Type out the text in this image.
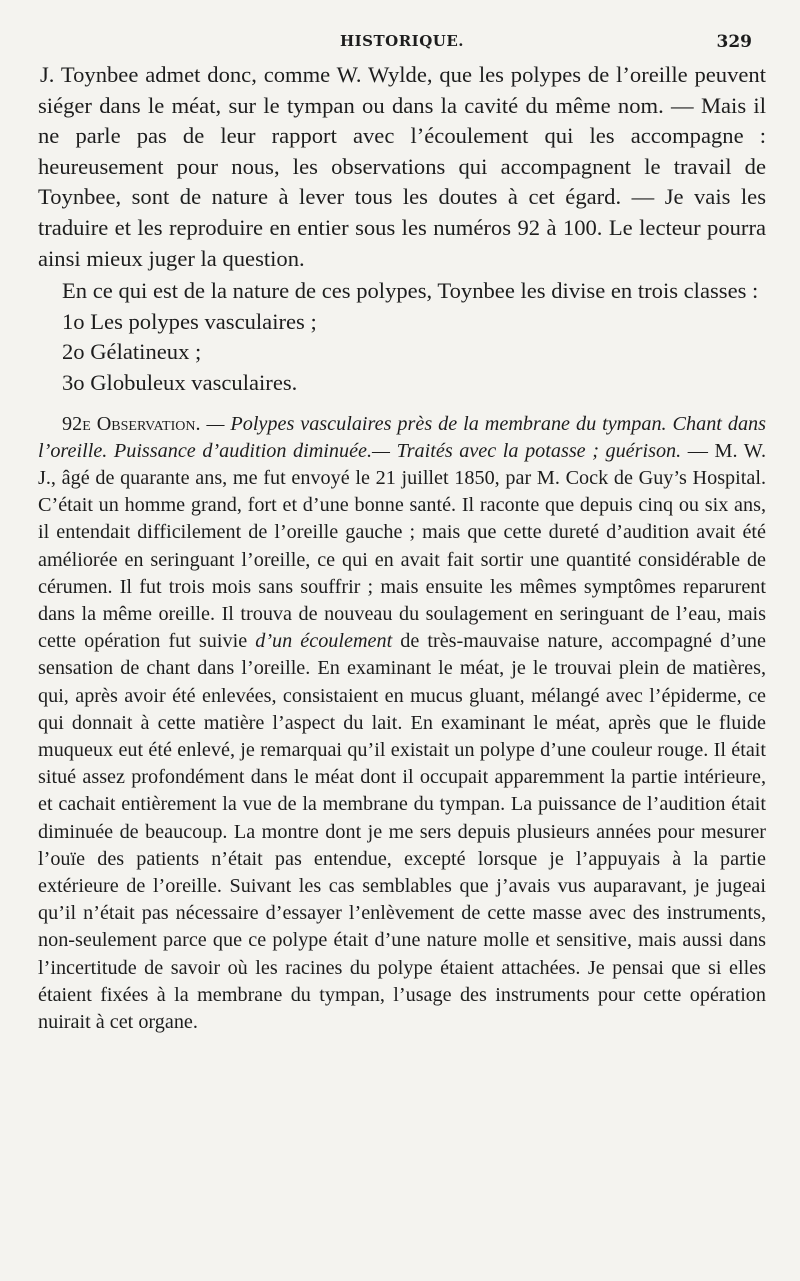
HISTORIQUE.	329

J. Toynbee admet donc, comme W. Wylde, que les polypes de l’oreille peuvent siéger dans le méat, sur le tympan ou dans la cavité du même nom. — Mais il ne parle pas de leur rapport avec l’écoulement qui les accompagne : heureusement pour nous, les observations qui accompagnent le travail de Toynbee, sont de nature à lever tous les doutes à cet égard. — Je vais les traduire et les reproduire en entier sous les numéros 92 à 100. Le lecteur pourra ainsi mieux juger la question.

En ce qui est de la nature de ces polypes, Toynbee les divise en trois classes :

1o Les polypes vasculaires ;
2o Gélatineux ;
3o Globuleux vasculaires.

92e Observation. — Polypes vasculaires près de la membrane du tympan. Chant dans l’oreille. Puissance d’audition diminuée.— Traités avec la potasse ; guérison. — M. W. J., âgé de quarante ans, me fut envoyé le 21 juillet 1850, par M. Cock de Guy’s Hospital. C’était un homme grand, fort et d’une bonne santé. Il raconte que depuis cinq ou six ans, il entendait difficilement de l’oreille gauche ; mais que cette dureté d’audition avait été améliorée en seringuant l’oreille, ce qui en avait fait sortir une quantité considérable de cérumen. Il fut trois mois sans souffrir ; mais ensuite les mêmes symptômes reparurent dans la même oreille. Il trouva de nouveau du soulagement en seringuant de l’eau, mais cette opération fut suivie d’un écoulement de très-mauvaise nature, accompagné d’une sensation de chant dans l’oreille. En examinant le méat, je le trouvai plein de matières, qui, après avoir été enlevées, consistaient en mucus gluant, mélangé avec l’épiderme, ce qui donnait à cette matière l’aspect du lait. En examinant le méat, après que le fluide muqueux eut été enlevé, je remarquai qu’il existait un polype d’une couleur rouge. Il était situé assez profondément dans le méat dont il occupait apparemment la partie intérieure, et cachait entièrement la vue de la membrane du tympan. La puissance de l’audition était diminuée de beaucoup. La montre dont je me sers depuis plusieurs années pour mesurer l’ouïe des patients n’était pas entendue, excepté lorsque je l’appuyais à la partie extérieure de l’oreille. Suivant les cas semblables que j’avais vus auparavant, je jugeai qu’il n’était pas nécessaire d’essayer l’enlèvement de cette masse avec des instruments, non-seulement parce que ce polype était d’une nature molle et sensitive, mais aussi dans l’incertitude de savoir où les racines du polype étaient attachées. Je pensai que si elles étaient fixées à la membrane du tympan, l’usage des instruments pour cette opération nuirait à cet organe.
